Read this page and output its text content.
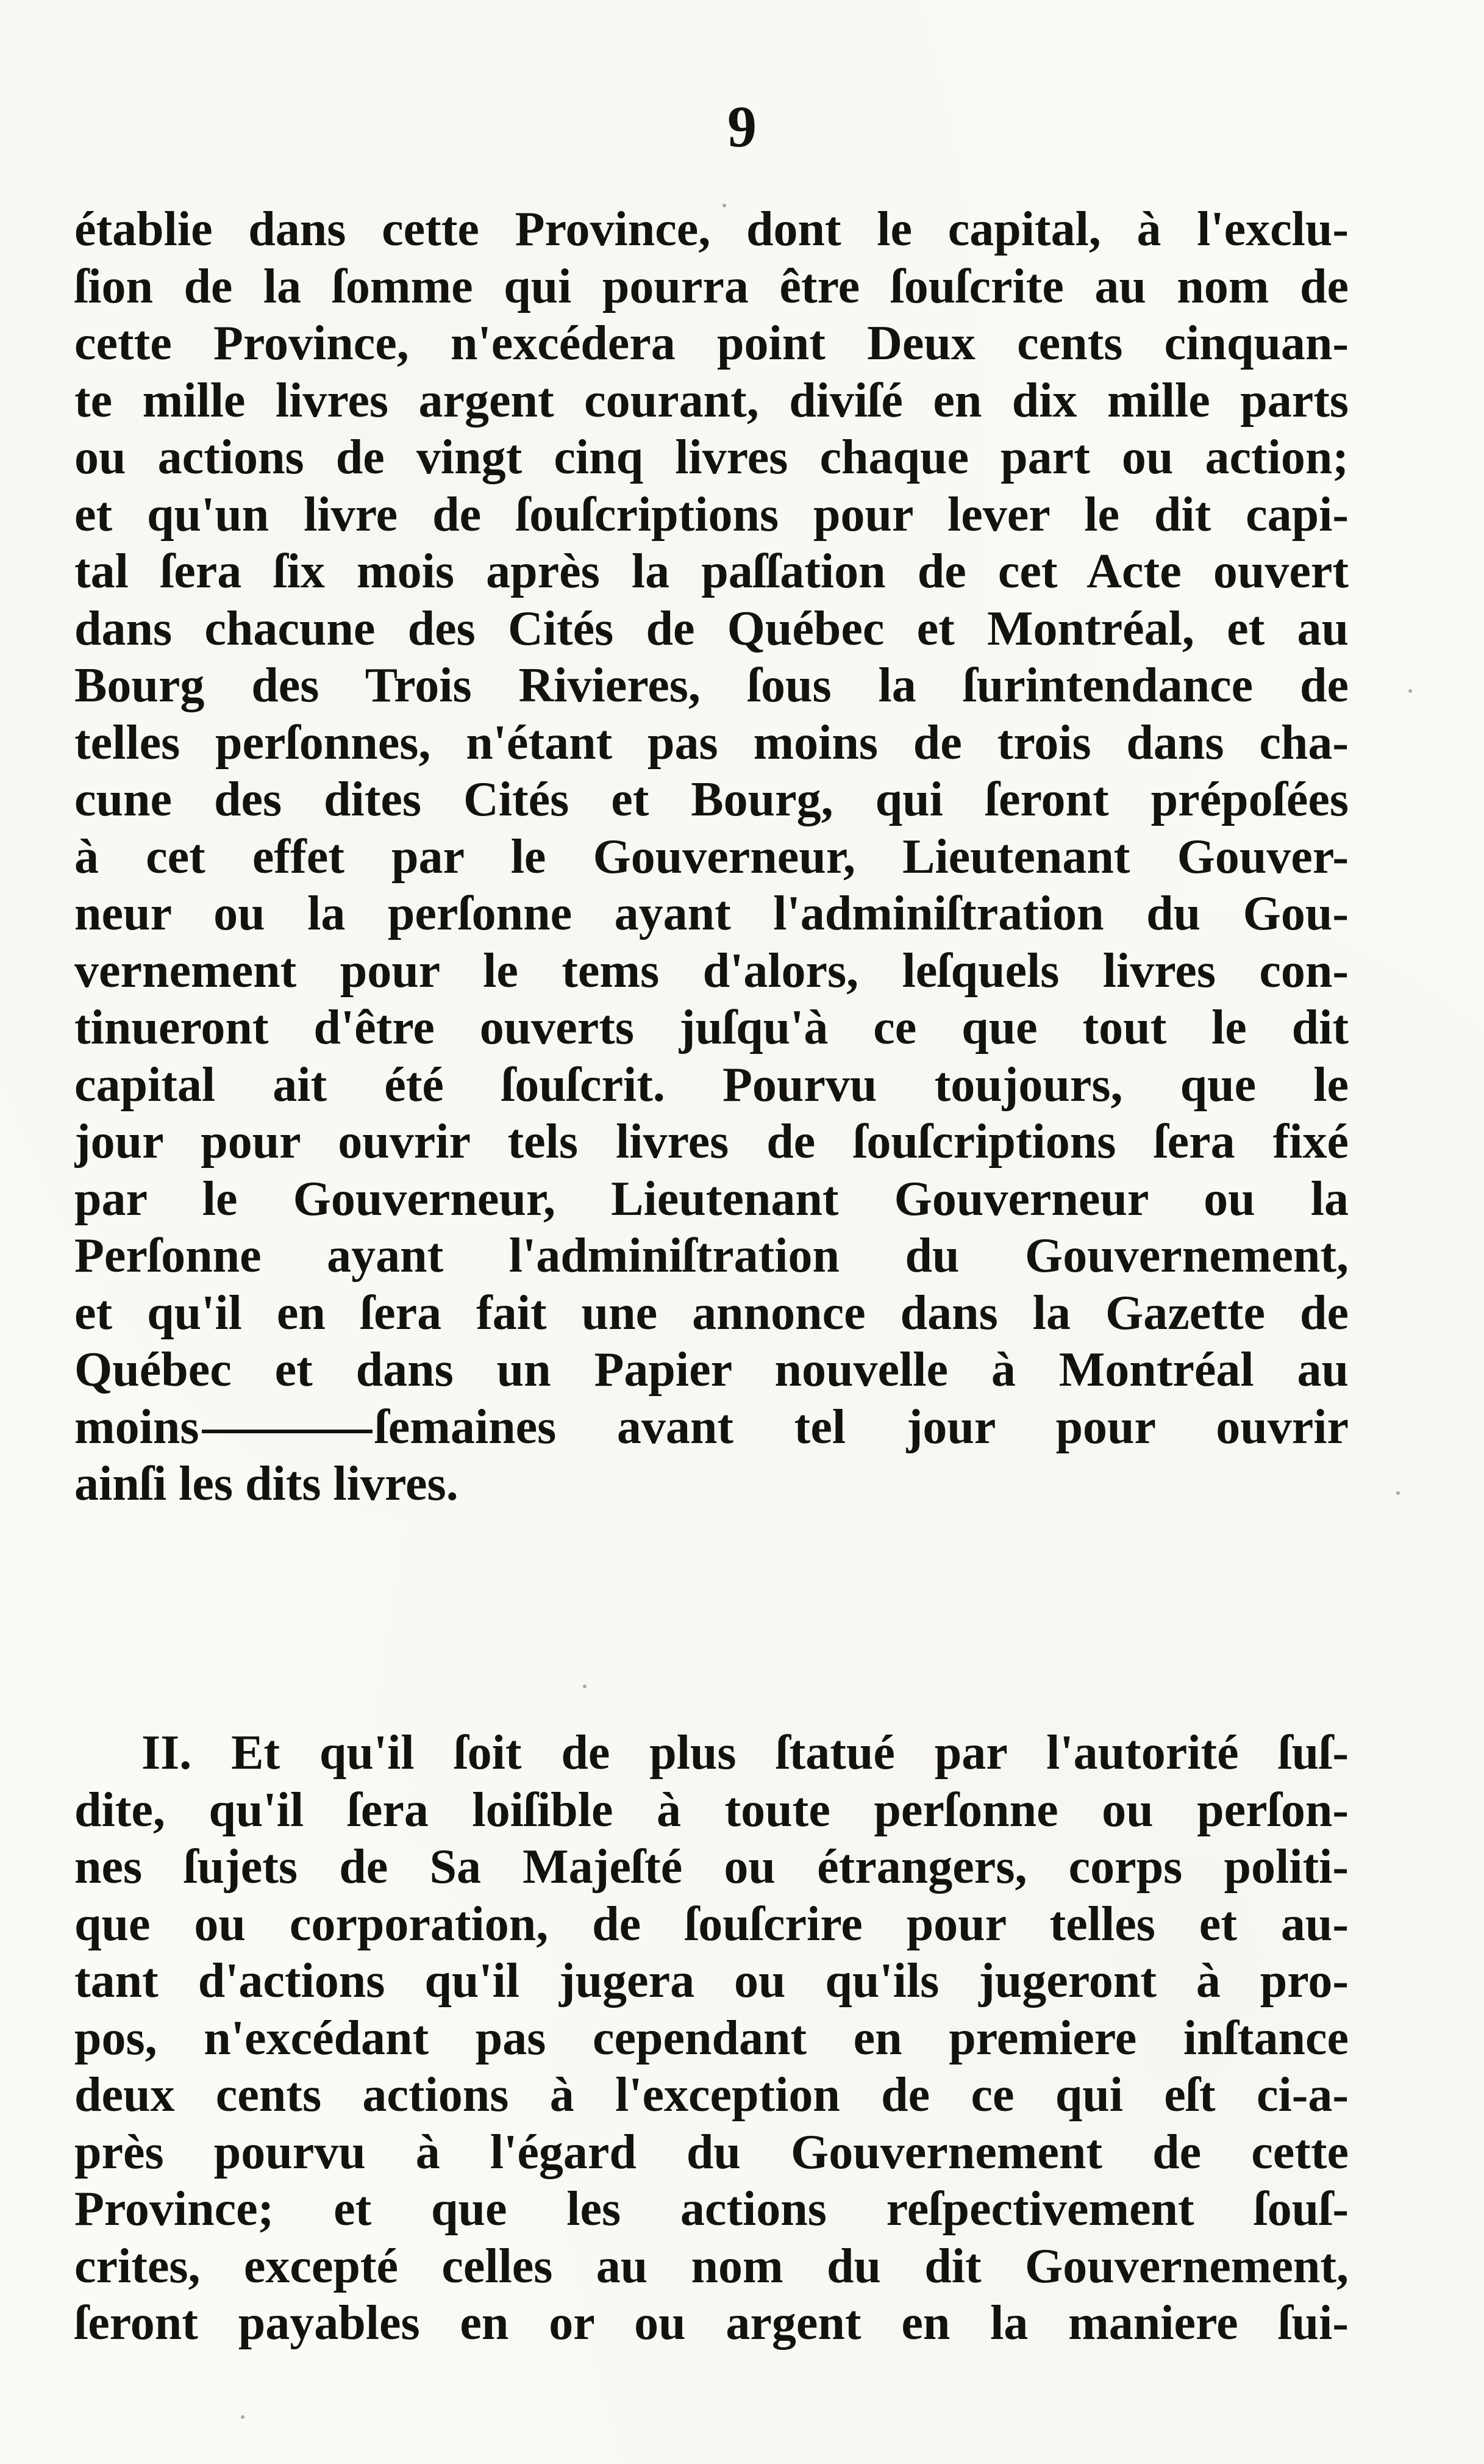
9
établie dans cette Province, dont le capital, à l'exclu-
ſion de la ſomme qui pourra être ſouſcrite au nom de
cette Province, n'excédera point Deux cents cinquan-
te mille livres argent courant, diviſé en dix mille parts
ou actions de vingt cinq livres chaque part ou action;
et qu'un livre de ſouſcriptions pour lever le dit capi-
tal ſera ſix mois après la paſſation de cet Acte ouvert
dans chacune des Cités de Québec et Montréal, et au
Bourg des Trois Rivieres, ſous la ſurintendance de
telles perſonnes, n'étant pas moins de trois dans cha-
cune des dites Cités et Bourg, qui ſeront prépoſées
à cet effet par le Gouverneur, Lieutenant Gouver-
neur ou la perſonne ayant l'adminiſtration du Gou-
vernement pour le tems d'alors, leſquels livres con-
tinueront d'être ouverts juſqu'à ce que tout le dit
capital ait été ſouſcrit. Pourvu toujours, que le
jour pour ouvrir tels livres de ſouſcriptions ſera fixé
par le Gouverneur, Lieutenant Gouverneur ou la
Perſonne ayant l'adminiſtration du Gouvernement,
et qu'il en ſera fait une annonce dans la Gazette de
Québec et dans un Papier nouvelle à Montréal au
moins	ſemaines avant tel jour pour ouvrir
ainſi les dits livres.
II. Et qu'il ſoit de plus ſtatué par l'autorité ſuſ-
dite, qu'il ſera loiſible à toute perſonne ou perſon-
nes ſujets de Sa Majeſté ou étrangers, corps politi-
que ou corporation, de ſouſcrire pour telles et au-
tant d'actions qu'il jugera ou qu'ils jugeront à pro-
pos, n'excédant pas cependant en premiere inſtance
deux cents actions à l'exception de ce qui eſt ci-a-
près pourvu à l'égard du Gouvernement de cette
Province; et que les actions reſpectivement ſouſ-
crites, excepté celles au nom du dit Gouvernement,
ſeront payables en or ou argent en la maniere ſui-
